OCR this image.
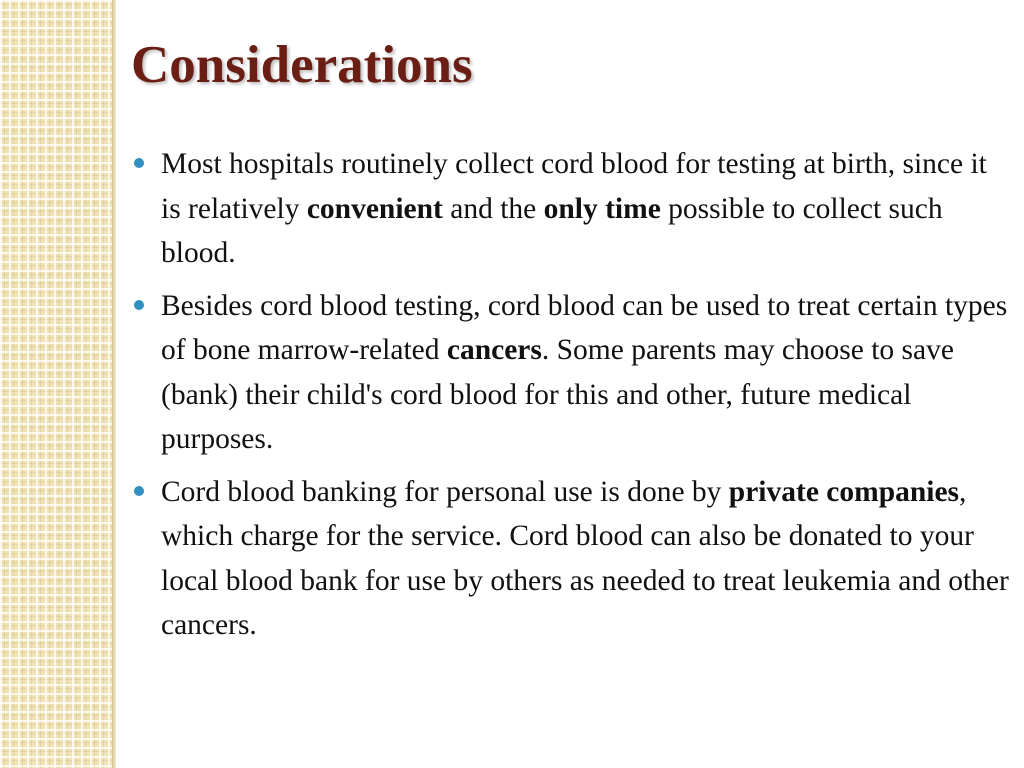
Considerations
Most hospitals routinely collect cord blood for testing at birth, since it is relatively convenient and the only time possible to collect such blood.
Besides cord blood testing, cord blood can be used to treat certain types of bone marrow-related cancers. Some parents may choose to save (bank) their child's cord blood for this and other, future medical purposes.
Cord blood banking for personal use is done by private companies, which charge for the service. Cord blood can also be donated to your local blood bank for use by others as needed to treat leukemia and other cancers.
